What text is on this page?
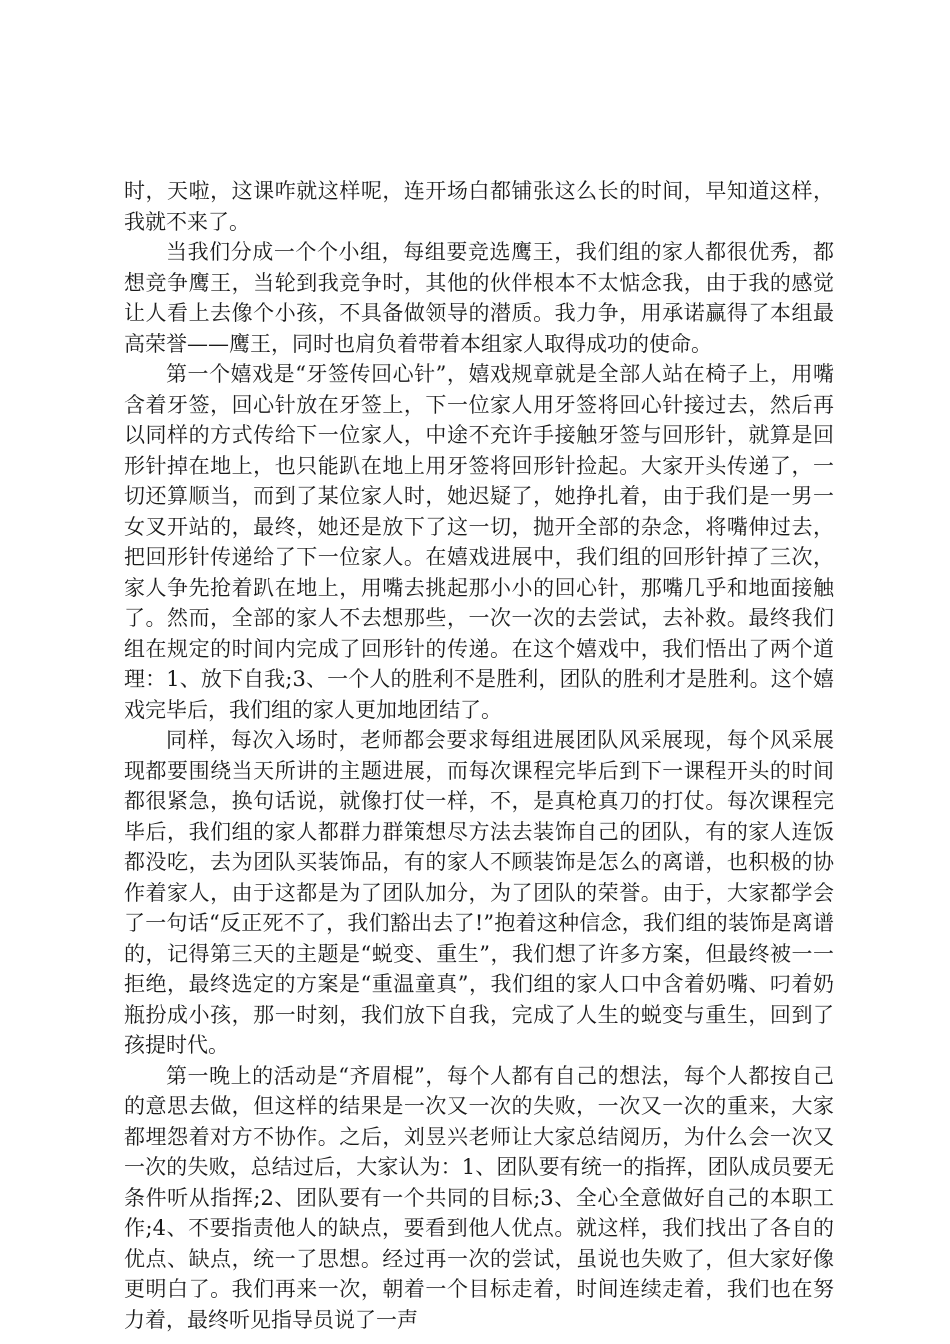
时，天啦，这课咋就这样呢，连开场白都铺张这么长的时间，早知道这样，我就不来了。

当我们分成一个个小组，每组要竞选鹰王，我们组的家人都很优秀，都想竞争鹰王，当轮到我竞争时，其他的伙伴根本不太惦念我，由于我的感觉让人看上去像个小孩，不具备做领导的潜质。我力争，用承诺赢得了本组最高荣誉——鹰王，同时也肩负着带着本组家人取得成功的使命。

第一个嬉戏是“牙签传回心针”，嬉戏规章就是全部人站在椅子上，用嘴含着牙签，回心针放在牙签上，下一位家人用牙签将回心针接过去，然后再以同样的方式传给下一位家人，中途不充许手接触牙签与回形针，就算是回形针掉在地上，也只能趴在地上用牙签将回形针捡起。大家开头传递了，一切还算顺当，而到了某位家人时，她迟疑了，她挣扎着，由于我们是一男一女叉开站的，最终，她还是放下了这一切，抛开全部的杂念，将嘴伸过去，把回形针传递给了下一位家人。在嬉戏进展中，我们组的回形针掉了三次，家人争先抢着趴在地上，用嘴去挑起那小小的回心针，那嘴几乎和地面接触了。然而，全部的家人不去想那些，一次一次的去尝试，去补救。最终我们组在规定的时间内完成了回形针的传递。在这个嬉戏中，我们悟出了两个道理：1、放下自我;3、一个人的胜利不是胜利，团队的胜利才是胜利。这个嬉戏完毕后，我们组的家人更加地团结了。

同样，每次入场时，老师都会要求每组进展团队风采展现，每个风采展现都要围绕当天所讲的主题进展，而每次课程完毕后到下一课程开头的时间都很紧急，换句话说，就像打仗一样，不，是真枪真刀的打仗。每次课程完毕后，我们组的家人都群力群策想尽方法去装饰自己的团队，有的家人连饭都没吃，去为团队买装饰品，有的家人不顾装饰是怎么的离谱，也积极的协作着家人，由于这都是为了团队加分，为了团队的荣誉。由于，大家都学会了一句话“反正死不了，我们豁出去了!”抱着这种信念，我们组的装饰是离谱的，记得第三天的主题是“蜕变、重生”，我们想了许多方案，但最终被一一拒绝，最终选定的方案是“重温童真”，我们组的家人口中含着奶嘴、叼着奶瓶扮成小孩，那一时刻，我们放下自我，完成了人生的蜕变与重生，回到了孩提时代。

第一晚上的活动是“齐眉棍”，每个人都有自己的想法，每个人都按自己的意思去做，但这样的结果是一次又一次的失败，一次又一次的重来，大家都埋怨着对方不协作。之后，刘昱兴老师让大家总结阅历，为什么会一次又一次的失败，总结过后，大家认为：1、团队要有统一的指挥，团队成员要无条件听从指挥;2、团队要有一个共同的目标;3、全心全意做好自己的本职工作;4、不要指责他人的缺点，要看到他人优点。就这样，我们找出了各自的优点、缺点，统一了思想。经过再一次的尝试，虽说也失败了，但大家好像更明白了。我们再来一次，朝着一个目标走着，时间连续走着，我们也在努力着，最终听见指导员说了一声
